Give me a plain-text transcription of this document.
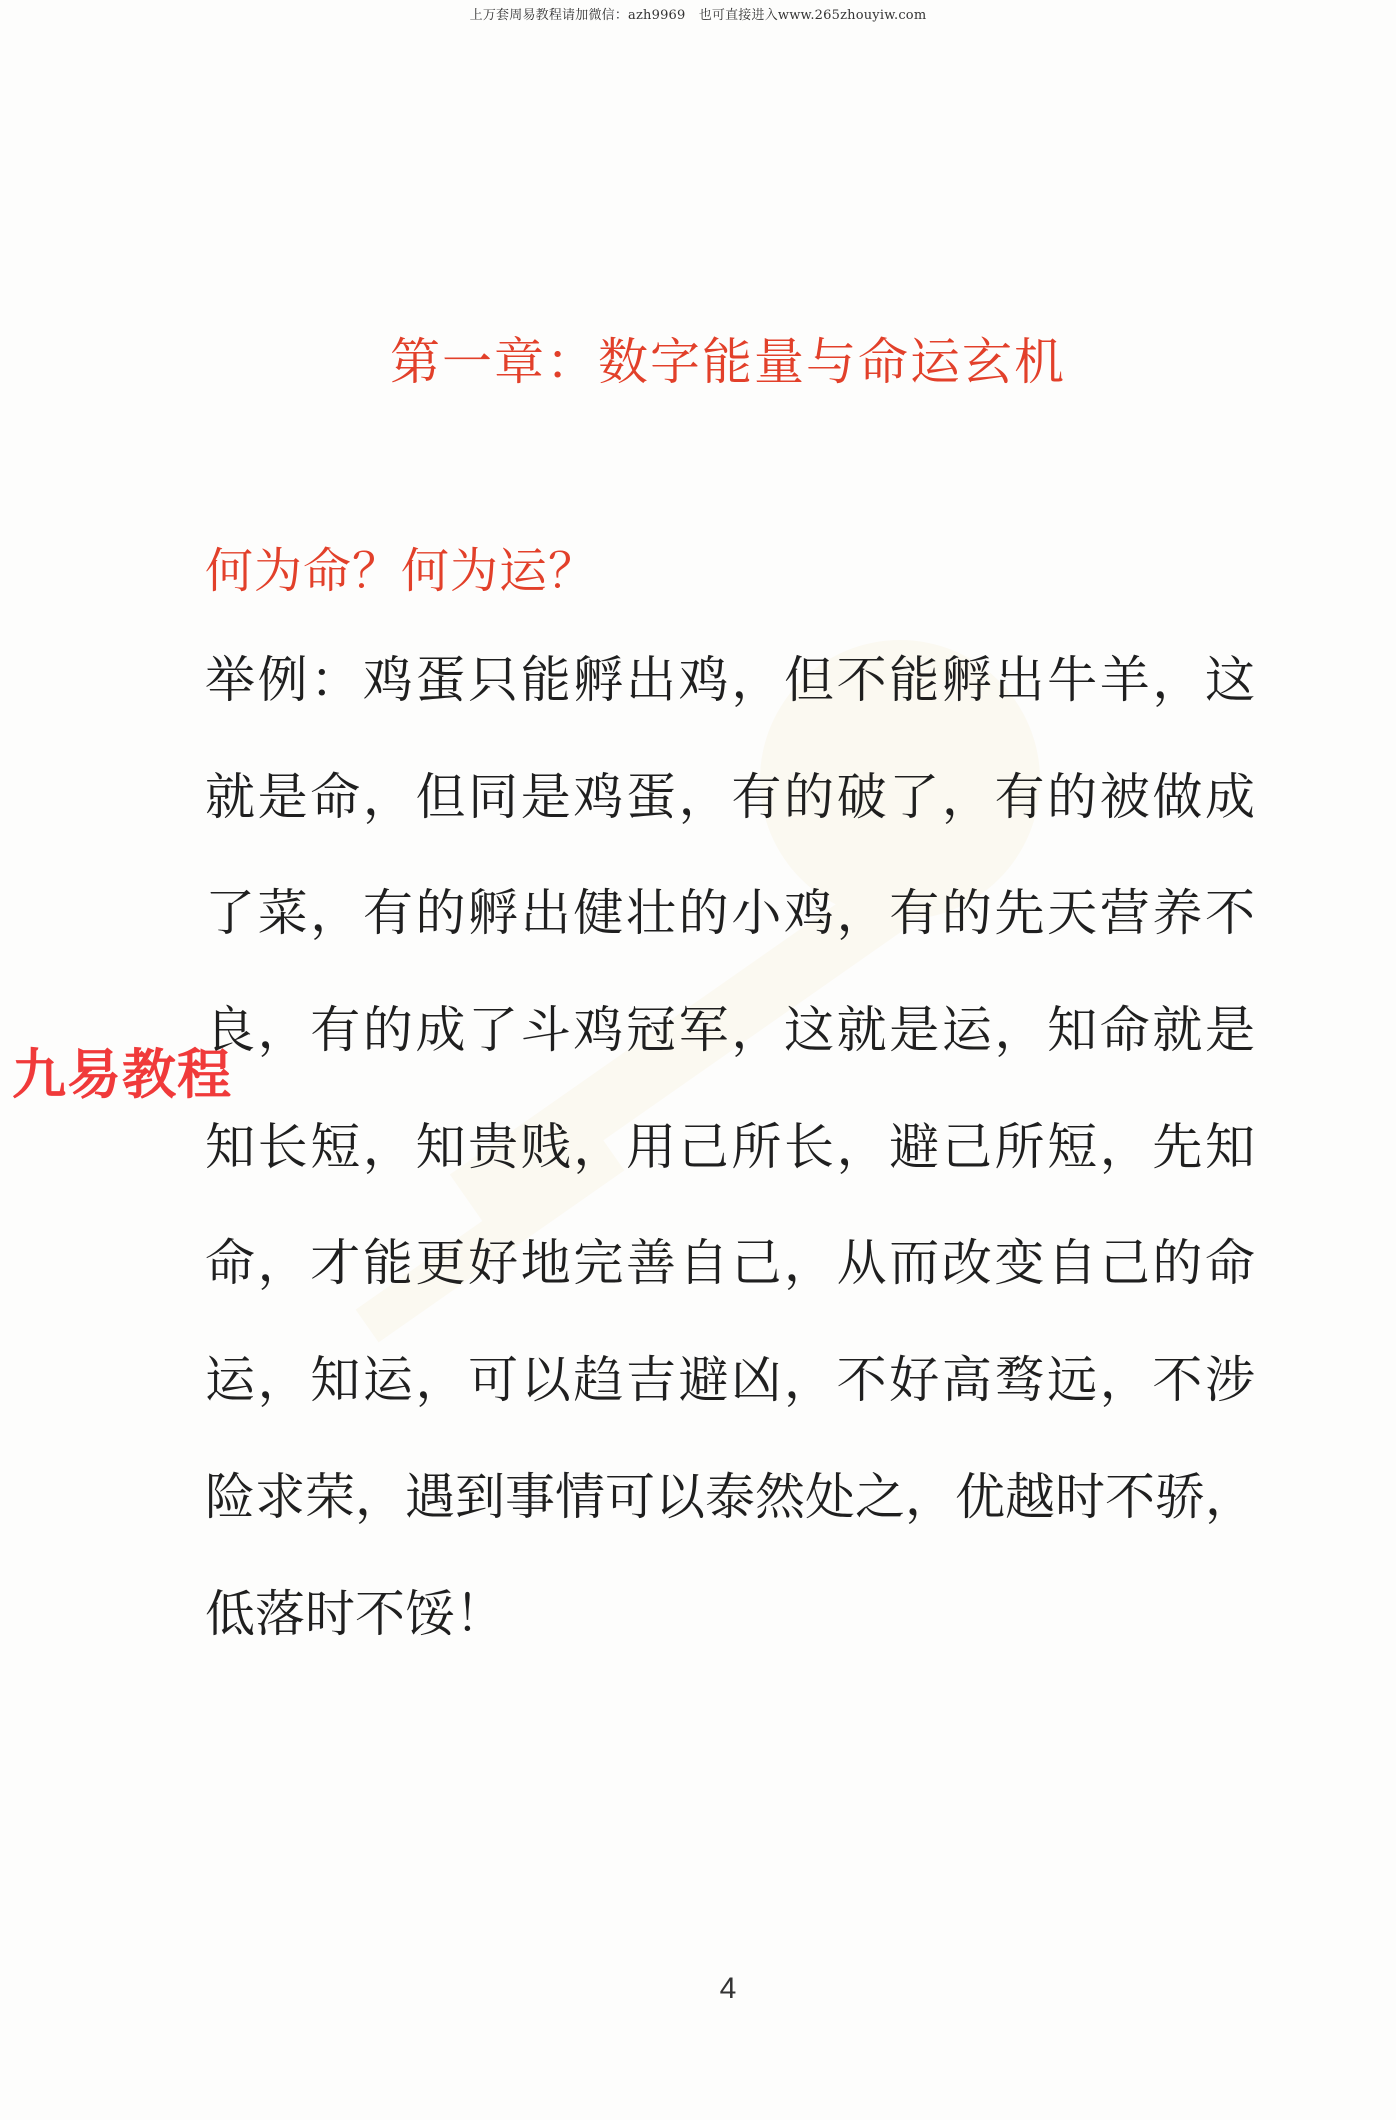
上万套周易教程请加微信：azh9969　也可直接进入www.265zhouyiw.com
第一章：数字能量与命运玄机
何为命？何为运？
举例：鸡蛋只能孵出鸡，但不能孵出牛羊，这
就是命，但同是鸡蛋，有的破了，有的被做成
了菜，有的孵出健壮的小鸡，有的先天营养不
良，有的成了斗鸡冠军，这就是运，知命就是
知长短，知贵贱，用己所长，避己所短，先知
命，才能更好地完善自己，从而改变自己的命
运，知运，可以趋吉避凶，不好高骛远，不涉
险求荣，遇到事情可以泰然处之，优越时不骄，
低落时不馁！
九易教程
4
